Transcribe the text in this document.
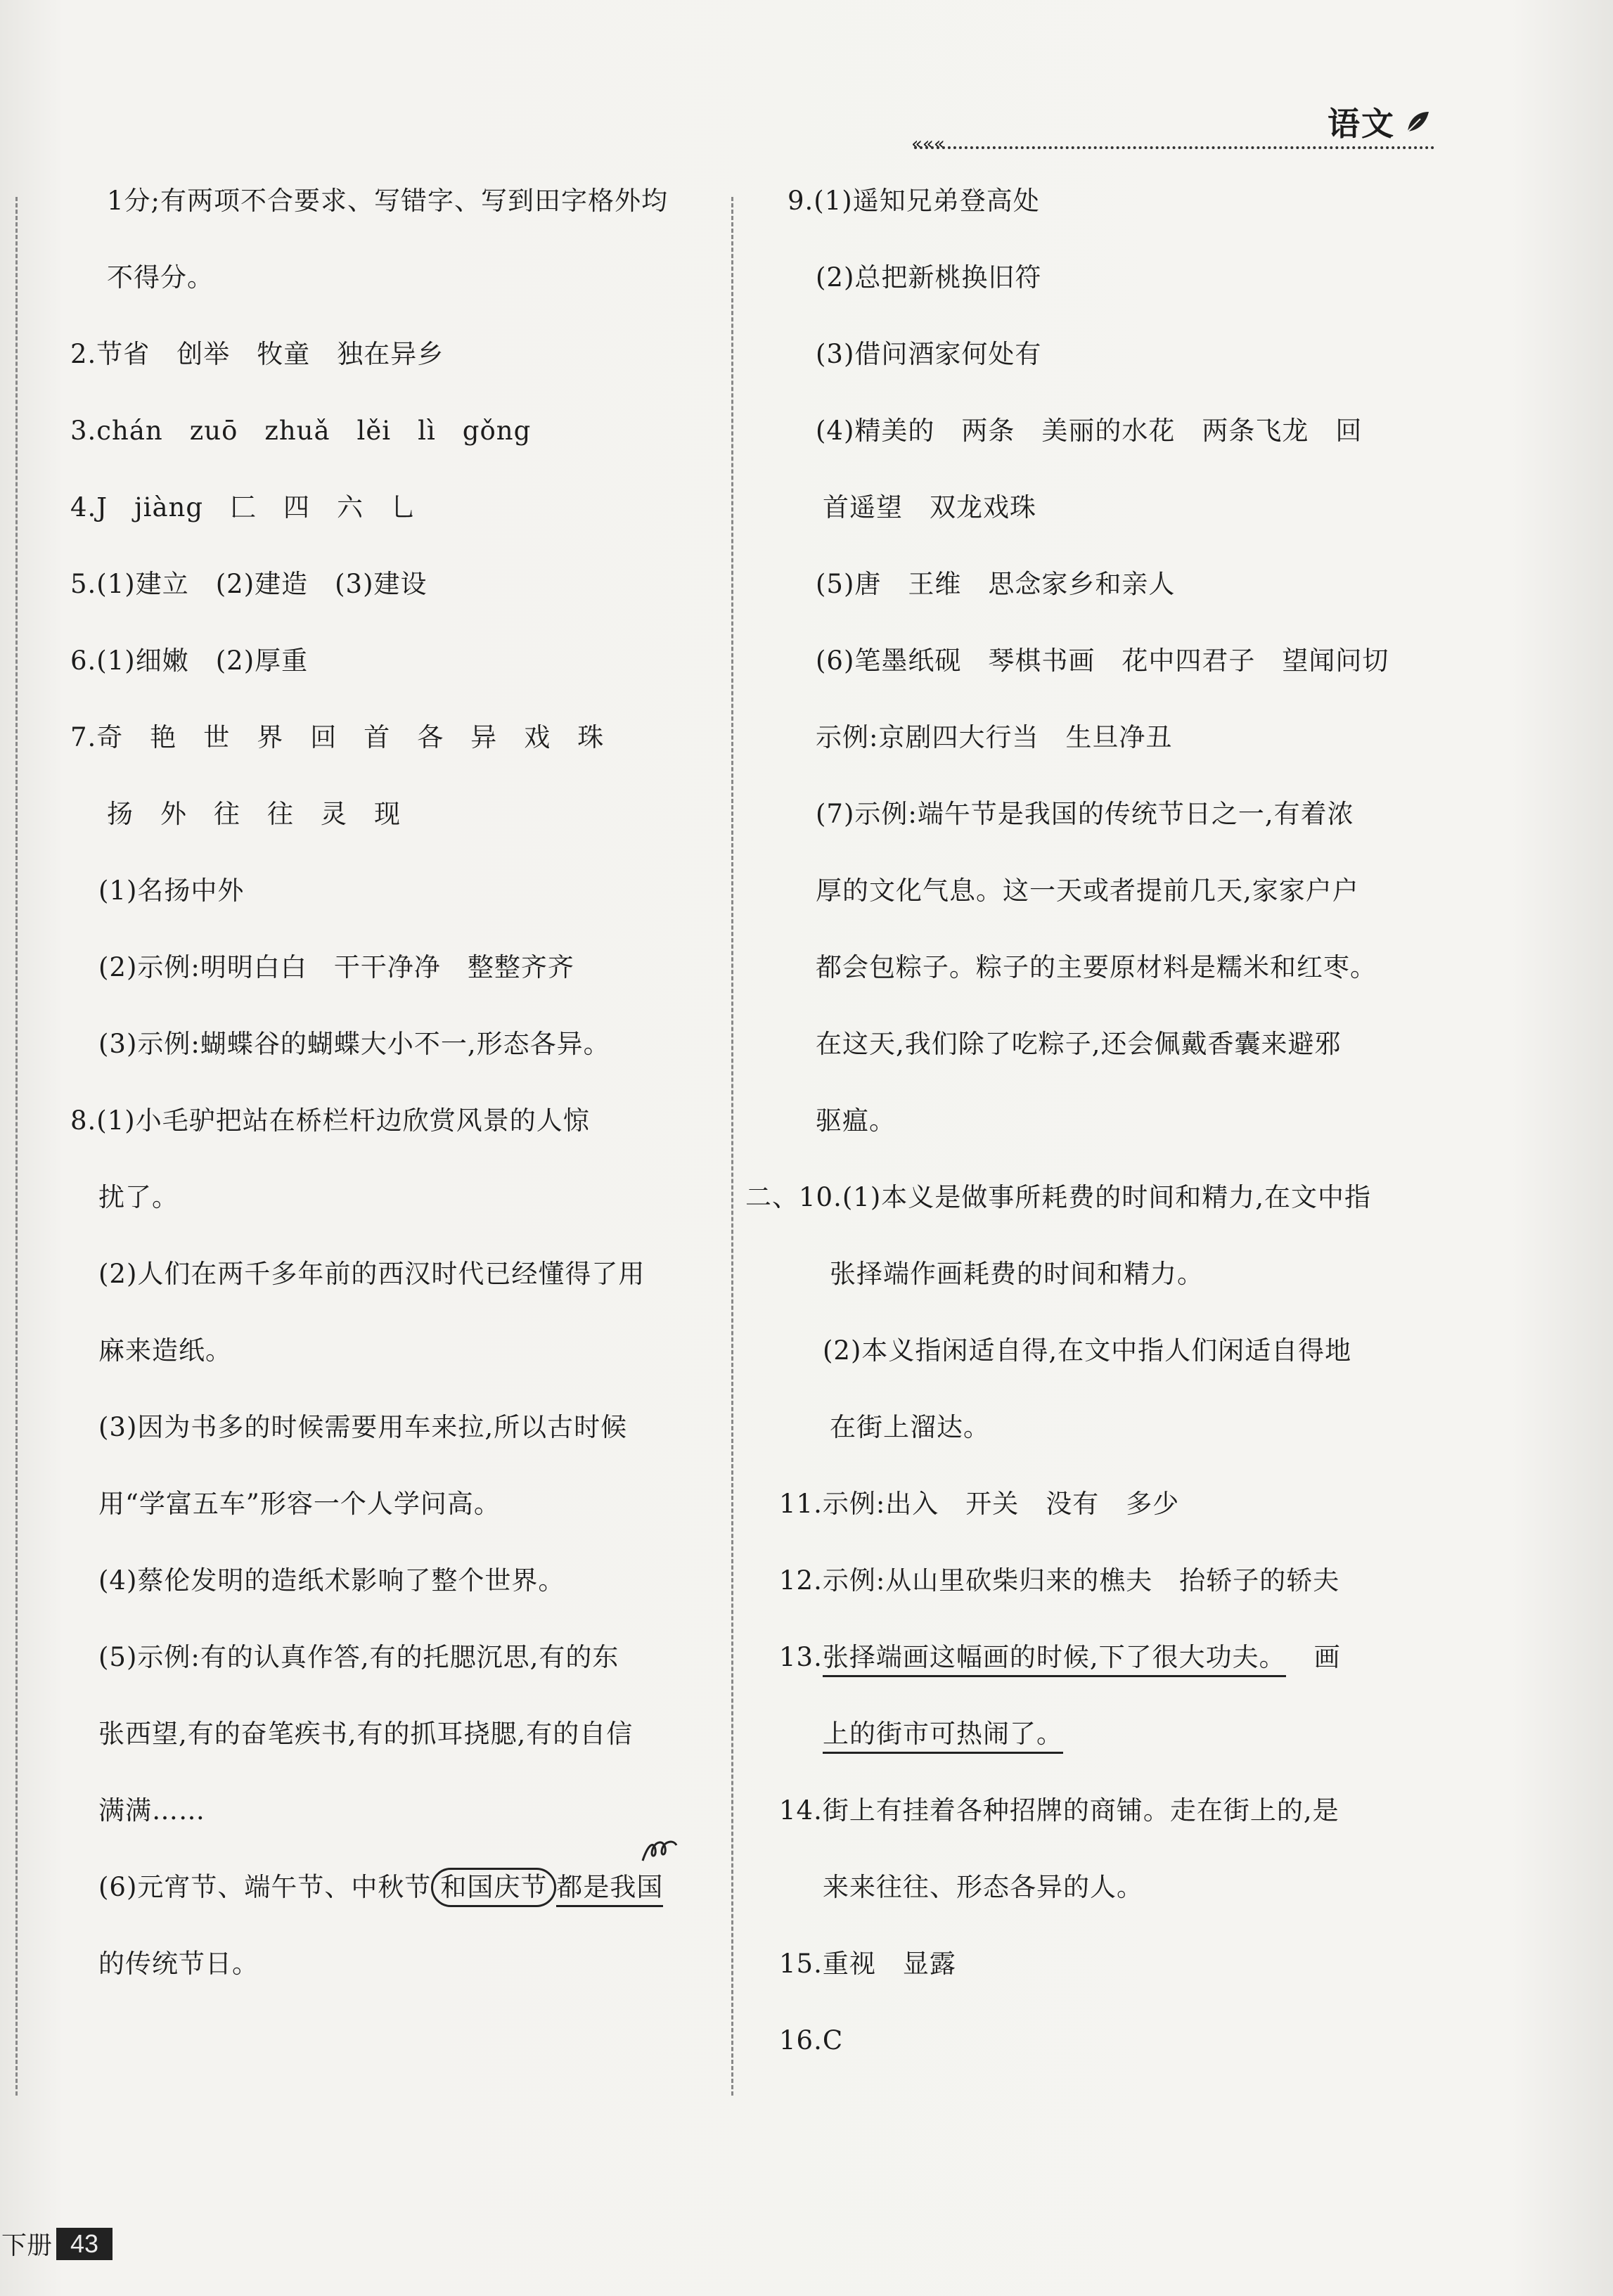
语文
«««
1分;有两项不合要求、写错字、写到田字格外均
不得分。
2.节省　创举　牧童　独在异乡
3.chán　zuō　zhuǎ　lěi　lì　gǒng
4.J　jiàng　匚　四　六　乚
5.(1)建立　(2)建造　(3)建设
6.(1)细嫩　(2)厚重
7.奇　艳　世　界　回　首　各　异　戏　珠
扬　外　往　往　灵　现
(1)名扬中外
(2)示例:明明白白　干干净净　整整齐齐
(3)示例:蝴蝶谷的蝴蝶大小不一,形态各异。
8.(1)小毛驴把站在桥栏杆边欣赏风景的人惊
扰了。
(2)人们在两千多年前的西汉时代已经懂得了用
麻来造纸。
(3)因为书多的时候需要用车来拉,所以古时候
用“学富五车”形容一个人学问高。
(4)蔡伦发明的造纸术影响了整个世界。
(5)示例:有的认真作答,有的托腮沉思,有的东
张西望,有的奋笔疾书,有的抓耳挠腮,有的自信
满满……
(6)元宵节、端午节、中秋节 和国庆节 都是我国
的传统节日。
9.(1)遥知兄弟登高处
(2)总把新桃换旧符
(3)借问酒家何处有
(4)精美的　两条　美丽的水花　两条飞龙　回
首遥望　双龙戏珠
(5)唐　王维　思念家乡和亲人
(6)笔墨纸砚　琴棋书画　花中四君子　望闻问切
示例:京剧四大行当　生旦净丑
(7)示例:端午节是我国的传统节日之一,有着浓
厚的文化气息。这一天或者提前几天,家家户户
都会包粽子。粽子的主要原材料是糯米和红枣。
在这天,我们除了吃粽子,还会佩戴香囊来避邪
驱瘟。
二、10.(1)本义是做事所耗费的时间和精力,在文中指
张择端作画耗费的时间和精力。
(2)本义指闲适自得,在文中指人们闲适自得地
在街上溜达。
11.示例:出入　开关　没有　多少
12.示例:从山里砍柴归来的樵夫　抬轿子的轿夫
13.张择端画这幅画的时候,下了很大功夫。 画
上的街市可热闹了。
14.街上有挂着各种招牌的商铺。走在街上的,是
来来往往、形态各异的人。
15.重视　显露
16.C
下册 43
